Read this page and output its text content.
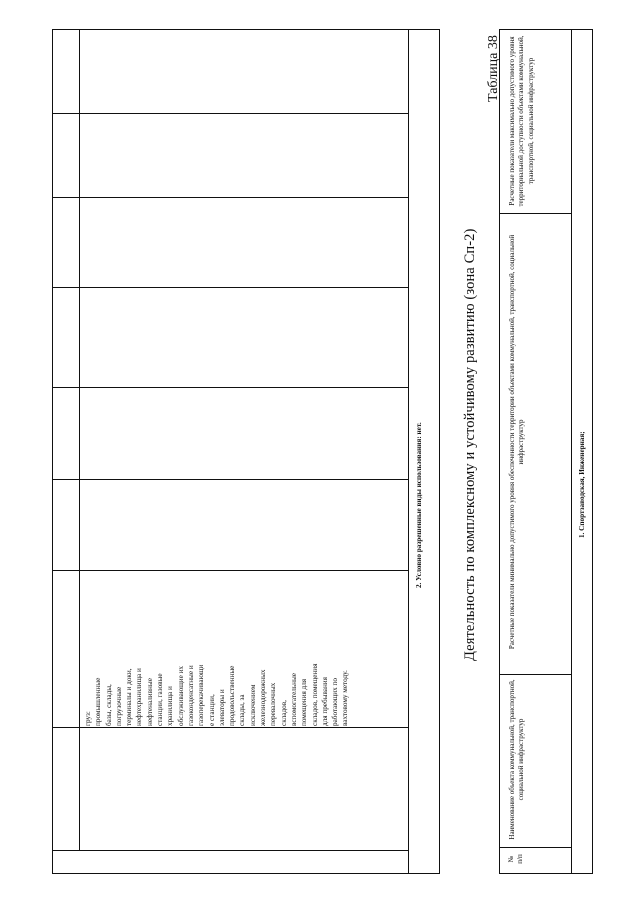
груз: промышленные базы, склады, погрузочные терминалы и доки, нефтехранилища и нефтеналивные станции, газовые хранилища и обслуживающие их газоконденсатные и газоперекачивающи е станции, элеваторы и продовольственные склады, за исключением железнодорожных перевалочных складов, вспомогательные помещения для складов, помещения для пребывания работающих по вахтовому методу.
2. Условно разрешенные виды использования: нет.
Таблица 38
Деятельность по комплексному и устойчивому развитию (зона Сп-2)
№
п/п
Наименование объекта коммунальной, транспортной, социальной инфраструктур
Расчетные показатели минимально допустимого уровня обеспеченности территории объектами коммунальной, транспортной, социальной инфраструктур
Расчетные показатели максимально допустимого уровня территориальной доступности объектами коммунальной, транспортной, социальной инфраструктур
1. Спортзаводская, Инженерная;
